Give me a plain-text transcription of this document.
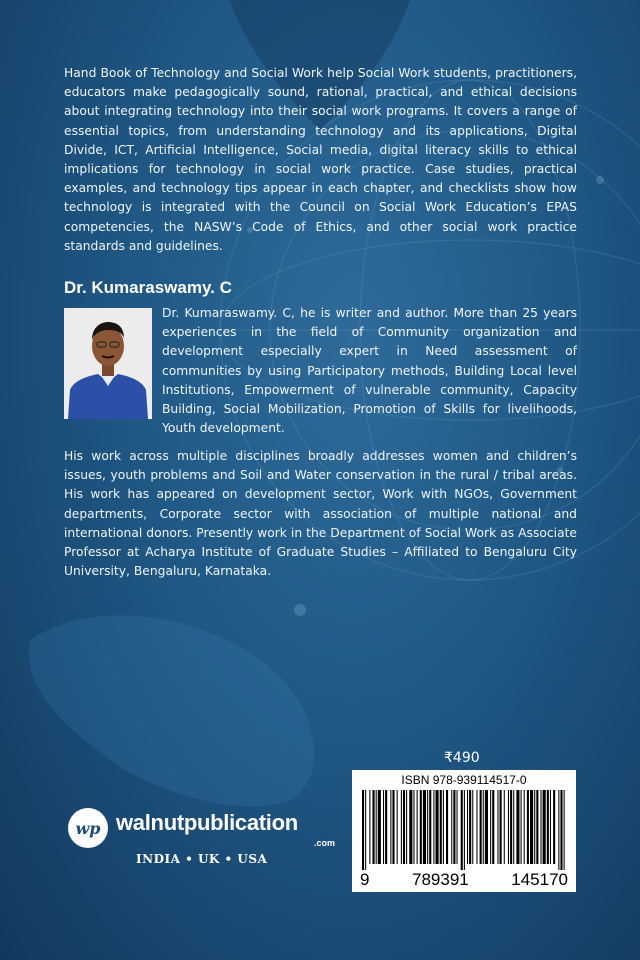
Hand Book of Technology and Social Work help Social Work students, practitioners, educators make pedagogically sound, rational, practical, and ethical decisions about integrating technology into their social work programs. It covers a range of essential topics, from understanding technology and its applications, Digital Divide, ICT, Artificial Intelligence, Social media, digital literacy skills to ethical implications for technology in social work practice. Case studies, practical examples, and technology tips appear in each chapter, and checklists show how technology is integrated with the Council on Social Work Education’s EPAS competencies, the NASW’s Code of Ethics, and other social work practice standards and guidelines.

Dr. Kumaraswamy. C

Dr. Kumaraswamy. C, he is writer and author. More than 25 years experiences in the field of Community organization and development especially expert in Need assessment of communities by using Participatory methods, Building Local level Institutions, Empowerment of vulnerable community, Capacity Building, Social Mobilization, Promotion of Skills for livelihoods, Youth development.

His work across multiple disciplines broadly addresses women and children’s issues, youth problems and Soil and Water conservation in the rural / tribal areas. His work has appeared on development sector, Work with NGOs, Government departments, Corporate sector with association of multiple national and international donors. Presently work in the Department of Social Work as Associate Professor at Acharya Institute of Graduate Studies – Affiliated to Bengaluru City University, Bengaluru, Karnataka.

₹490
ISBN 978-939114517-0
9	789391	145170
wp walnutpublication
.com
INDIA • UK • USA
